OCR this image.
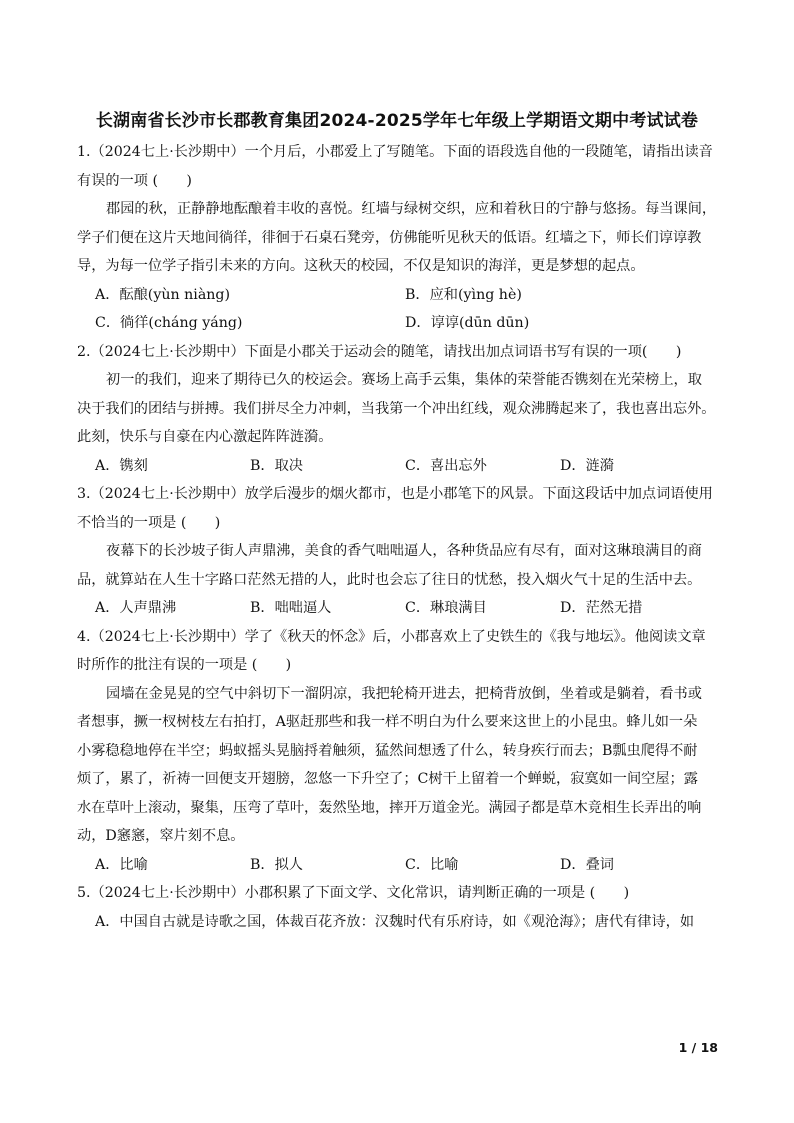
长湖南省长沙市长郡教育集团2024-2025学年七年级上学期语文期中考试试卷
1.（2024七上·长沙期中）一个月后，小郡爱上了写随笔。下面的语段选自他的一段随笔，请指出读音
有误的一项 (　　)
郡园的秋，正静静地酝酿着丰收的喜悦。红墙与绿树交织，应和着秋日的宁静与悠扬。每当课间，
学子们便在这片天地间徜徉，徘徊于石桌石凳旁，仿佛能听见秋天的低语。红墙之下，师长们谆谆教
导，为每一位学子指引未来的方向。这秋天的校园，不仅是知识的海洋，更是梦想的起点。
A．酝酿(yùn niàng)	B．应和(yìng hè)
C．徜徉(cháng yáng)	D．谆谆(dūn dūn)
2.（2024七上·长沙期中）下面是小郡关于运动会的随笔，请找出加点词语书写有误的一项(　　)
初一的我们，迎来了期待已久的校运会。赛场上高手云集，集体的荣誉能否镌刻在光荣榜上，取
决于我们的团结与拼搏。我们拼尽全力冲刺，当我第一个冲出红线，观众沸腾起来了，我也喜出忘外。
此刻，快乐与自豪在内心激起阵阵涟漪。
A．镌刻	B．取决	C．喜出忘外	D．涟漪
3.（2024七上·长沙期中）放学后漫步的烟火都市，也是小郡笔下的风景。下面这段话中加点词语使用
不恰当的一项是 (　　)
夜幕下的长沙坡子街人声鼎沸，美食的香气咄咄逼人，各种货品应有尽有，面对这琳琅满目的商
品，就算站在人生十字路口茫然无措的人，此时也会忘了往日的忧愁，投入烟火气十足的生活中去。
A．人声鼎沸	B．咄咄逼人	C．琳琅满目	D．茫然无措
4.（2024七上·长沙期中）学了《秋天的怀念》后，小郡喜欢上了史铁生的《我与地坛》。他阅读文章
时所作的批注有误的一项是 (　　)
园墙在金晃晃的空气中斜切下一溜阴凉，我把轮椅开进去，把椅背放倒，坐着或是躺着，看书或
者想事，撅一杈树枝左右拍打，A驱赶那些和我一样不明白为什么要来这世上的小昆虫。蜂儿如一朵
小雾稳稳地停在半空；蚂蚁摇头晃脑捋着触须，猛然间想透了什么，转身疾行而去；B瓢虫爬得不耐
烦了，累了，祈祷一回便支开翅膀，忽悠一下升空了；C树干上留着一个蝉蜕，寂寞如一间空屋；露
水在草叶上滚动，聚集，压弯了草叶，轰然坠地，摔开万道金光。满园子都是草木竞相生长弄出的响
动，D窸窸，窣片刻不息。
A．比喻	B．拟人	C．比喻	D．叠词
5.（2024七上·长沙期中）小郡积累了下面文学、文化常识，请判断正确的一项是 (　　)
A．中国自古就是诗歌之国，体裁百花齐放：汉魏时代有乐府诗，如《观沧海》；唐代有律诗，如
1 / 18
